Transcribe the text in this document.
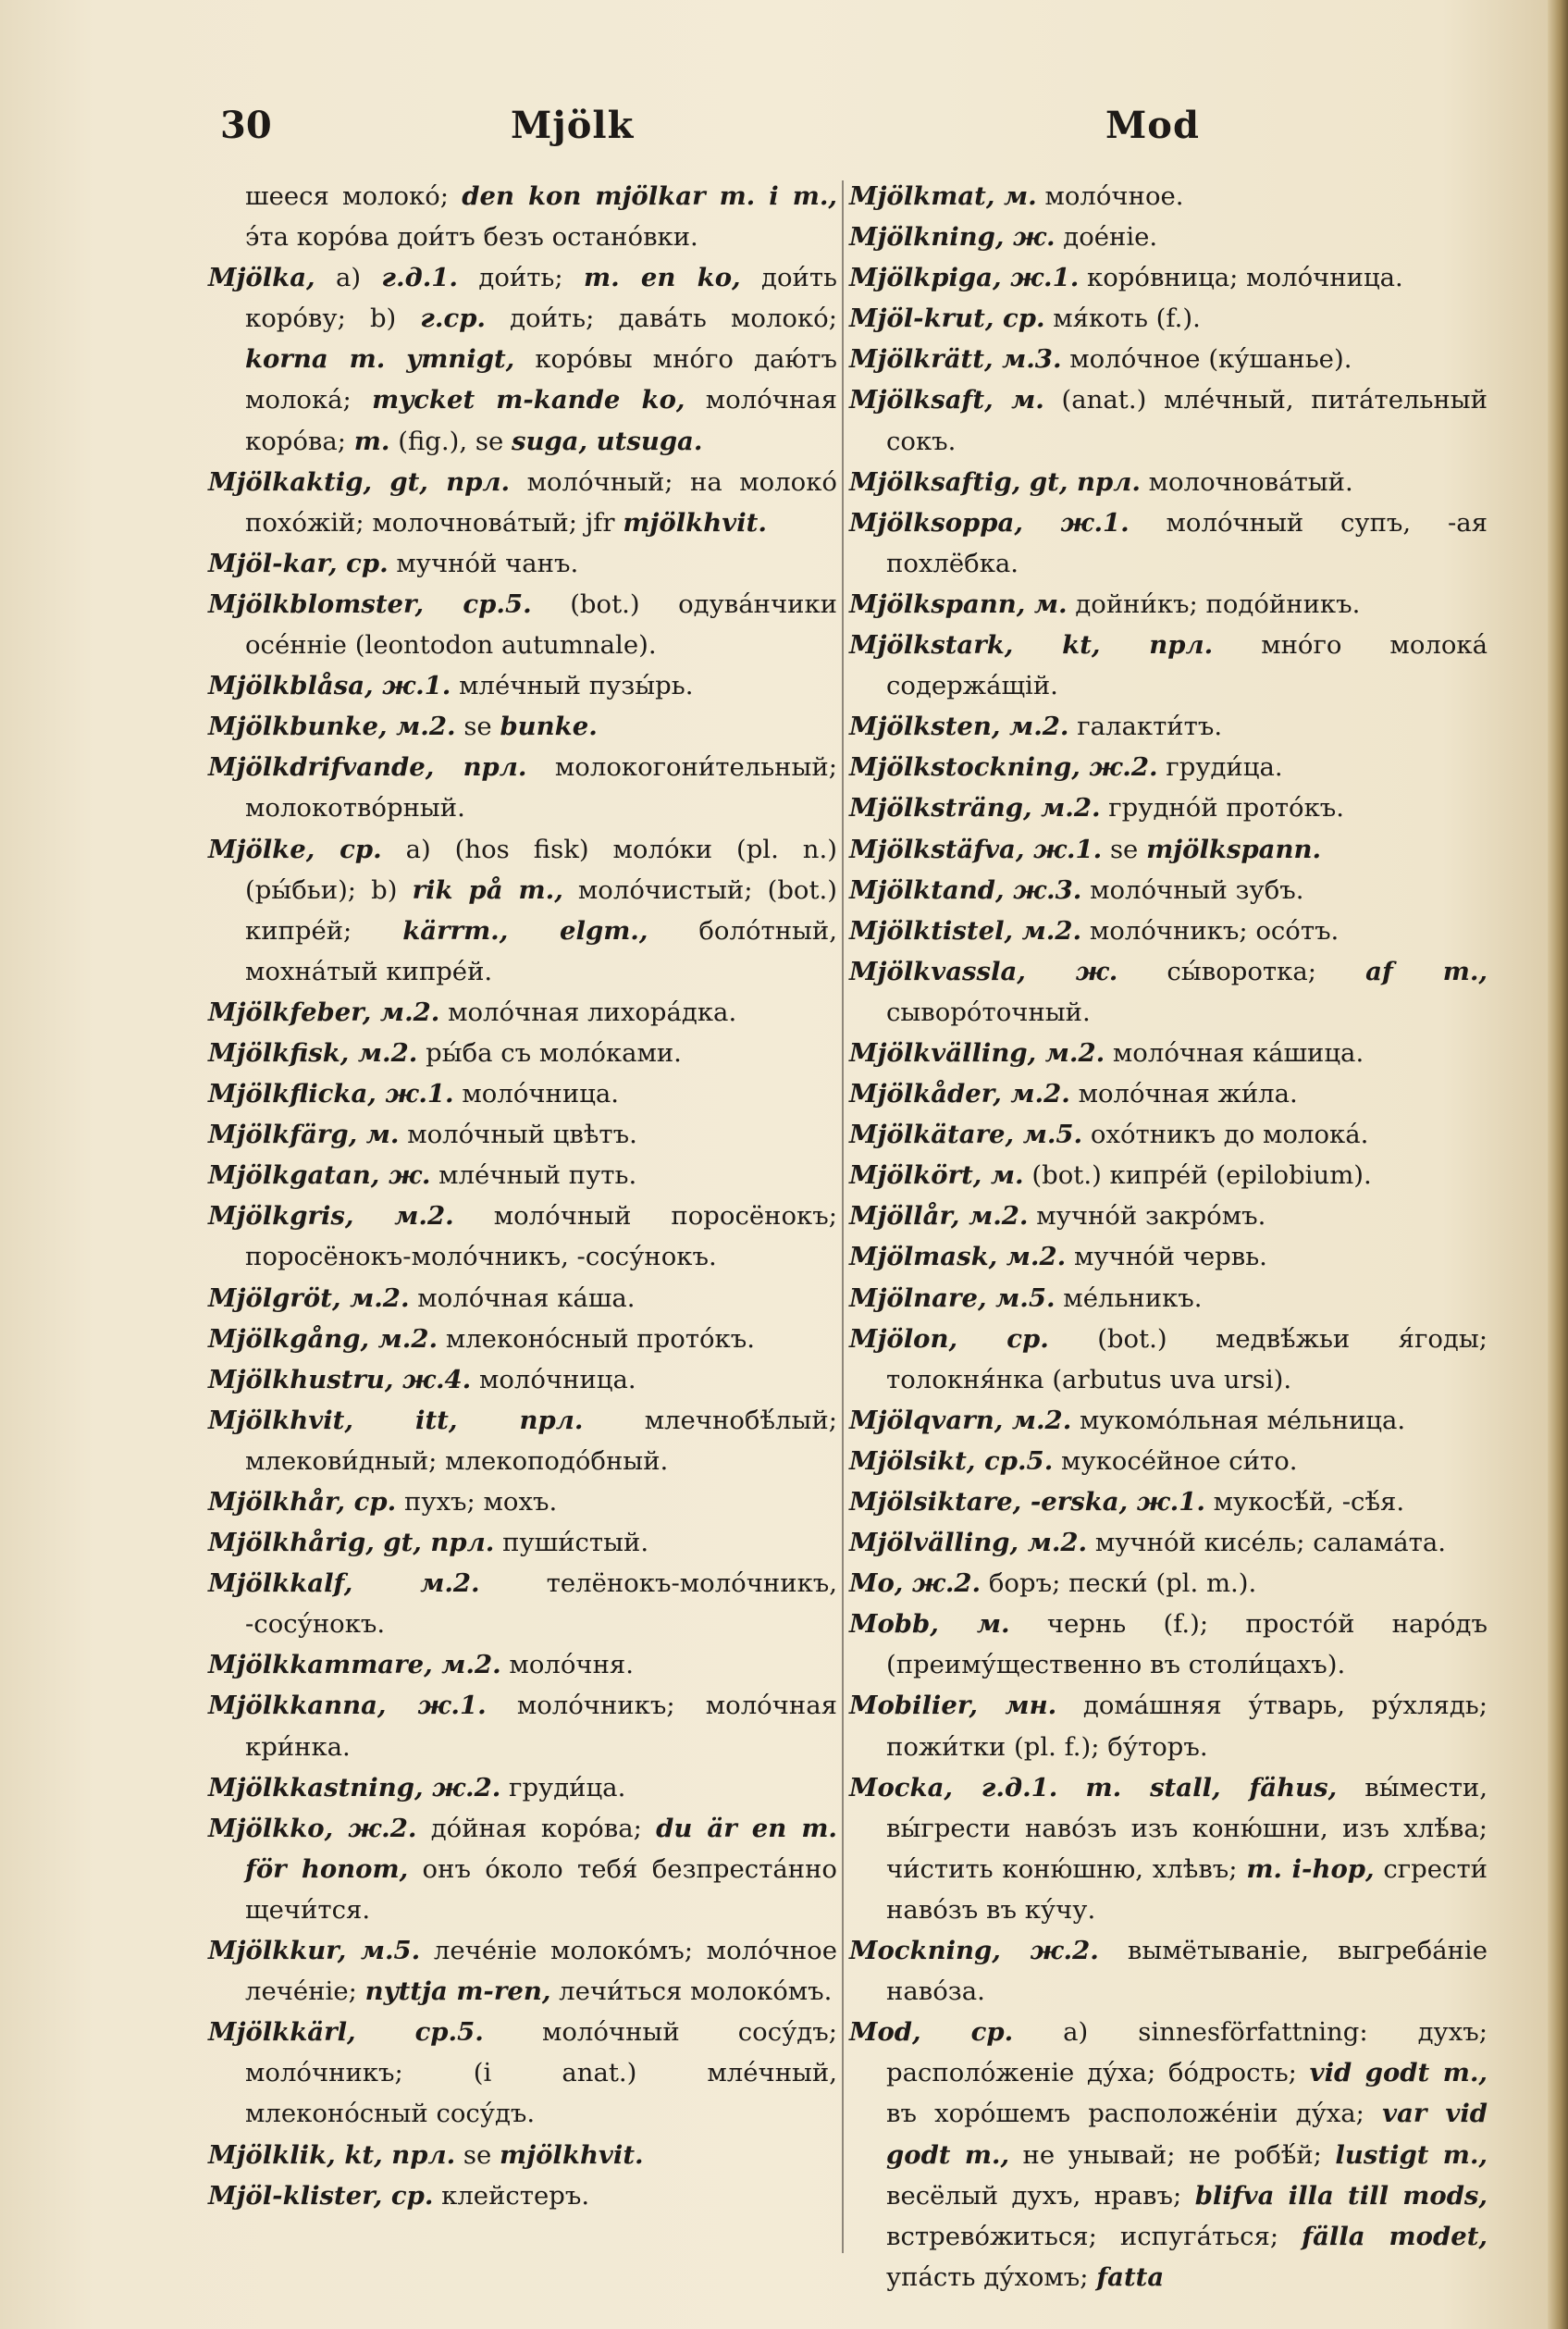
30	Mjölk	Mod
шееся молоко́; den kon mjölkar m. i m., э́та коро́ва дои́тъ безъ остано́вки.
Mjölka, а) г.д.1. дои́ть; m. en ko, дои́ть коро́ву; b) г.ср. дои́ть; дава́ть молоко́; korna m. ymnigt, коро́вы мно́го даю́тъ молока́; mycket m-kande ko, моло́чная коро́ва; m. (fig.), se suga, utsuga.
Mjölkaktig, gt, прл. моло́чный; на молоко́ похо́жій; молочнова́тый; jfr mjölkhvit.
Mjöl-kar, ср. мучно́й чанъ.
Mjölkblomster, ср.5. (bot.) одува́нчики осе́нніе (leontodon autumnale).
Mjölkblåsa, ж.1. мле́чный пузы́рь.
Mjölkbunke, м.2. se bunke.
Mjölkdrifvande, прл. молокогони́тельный; молокотво́рный.
Mjölke, ср. а) (hos fisk) моло́ки (pl. n.) (ры́бьи); b) rik på m., моло́чистый; (bot.) кипре́й; kärrm., elgm., боло́тный, мохна́тый кипре́й.
Mjölkfeber, м.2. моло́чная лихора́дка.
Mjölkfisk, м.2. ры́ба съ моло́ками.
Mjölkflicka, ж.1. моло́чница.
Mjölkfärg, м. моло́чный цвѣтъ.
Mjölkgatan, ж. мле́чный путь.
Mjölkgris, м.2. моло́чный поросёнокъ; поросёнокъ-моло́чникъ, -сосу́нокъ.
Mjölgröt, м.2. моло́чная ка́ша.
Mjölkgång, м.2. млеконо́сный прото́къ.
Mjölkhustru, ж.4. моло́чница.
Mjölkhvit, itt, прл. млечнобѣ́лый; млекови́дный; млекоподо́бный.
Mjölkhår, ср. пухъ; мохъ.
Mjölkhårig, gt, прл. пуши́стый.
Mjölkkalf, м.2. телёнокъ-моло́чникъ, -сосу́нокъ.
Mjölkkammare, м.2. моло́чня.
Mjölkkanna, ж.1. моло́чникъ; моло́чная кри́нка.
Mjölkkastning, ж.2. груди́ца.
Mjölkko, ж.2. до́йная коро́ва; du är en m. för honom, онъ о́коло тебя́ безпреста́нно щечи́тся.
Mjölkkur, м.5. лече́ніе молоко́мъ; моло́чное лече́ніе; nyttja m-ren, лечи́ться молоко́мъ.
Mjölkkärl, ср.5. моло́чный сосу́дъ; моло́чникъ; (i anat.) мле́чный, млеконо́сный сосу́дъ.
Mjölklik, kt, прл. se mjölkhvit.
Mjöl-klister, ср. клейстеръ.
Mjölkmat, м. моло́чное.
Mjölkning, ж. дое́ніе.
Mjölkpiga, ж.1. коро́вница; моло́чница.
Mjöl-krut, ср. мя́коть (f.).
Mjölkrätt, м.3. моло́чное (ку́шанье).
Mjölksaft, м. (anat.) мле́чный, пита́тельный сокъ.
Mjölksaftig, gt, прл. молочнова́тый.
Mjölksoppa, ж.1. моло́чный супъ, -ая похлёбка.
Mjölkspann, м. дойни́къ; подо́йникъ.
Mjölkstark, kt, прл. мно́го молока́ содержа́щій.
Mjölksten, м.2. галакти́тъ.
Mjölkstockning, ж.2. груди́ца.
Mjölksträng, м.2. грудно́й прото́къ.
Mjölkstäfva, ж.1. se mjölkspann.
Mjölktand, ж.3. моло́чный зубъ.
Mjölktistel, м.2. моло́чникъ; осо́тъ.
Mjölkvassla, ж. сы́воротка; af m., сыворо́точный.
Mjölkvälling, м.2. моло́чная ка́шица.
Mjölkåder, м.2. моло́чная жи́ла.
Mjölkätare, м.5. охо́тникъ до молока́.
Mjölkört, м. (bot.) кипре́й (epilobium).
Mjöllår, м.2. мучно́й закро́мъ.
Mjölmask, м.2. мучно́й червь.
Mjölnare, м.5. ме́льникъ.
Mjölon, ср. (bot.) медвѣ́жьи я́годы; толокня́нка (arbutus uva ursi).
Mjölqvarn, м.2. мукомо́льная ме́льница.
Mjölsikt, ср.5. мукосе́йное си́то.
Mjölsiktare, -erska, ж.1. мукосѣ́й, -сѣ́я.
Mjölvälling, м.2. мучно́й кисе́ль; салама́та.
Mo, ж.2. боръ; пески́ (pl. m.).
Mobb, м. чернь (f.); просто́й наро́дъ (преиму́щественно въ столи́цахъ).
Mobilier, мн. дома́шняя у́тварь, ру́хлядь; пожи́тки (pl. f.); бу́торъ.
Mocka, г.д.1. m. stall, fähus, вы́мести, вы́грести наво́зъ изъ коню́шни, изъ хлѣ́ва; чи́стить коню́шню, хлѣвъ; m. i-hop, сгрести́ наво́зъ въ ку́чу.
Mockning, ж.2. вымётываніе, выгреба́ніе наво́за.
Mod, ср. а) sinnesförfattning: духъ; располо́женіе ду́ха; бо́дрость; vid godt m., въ хоро́шемъ расположе́ніи ду́ха; var vid godt m., не унывай; не робѣ́й; lustigt m., весёлый духъ, нравъ; blifva illa till mods, встрево́житься; испуга́ться; fälla modet, упа́сть ду́хомъ; fatta
